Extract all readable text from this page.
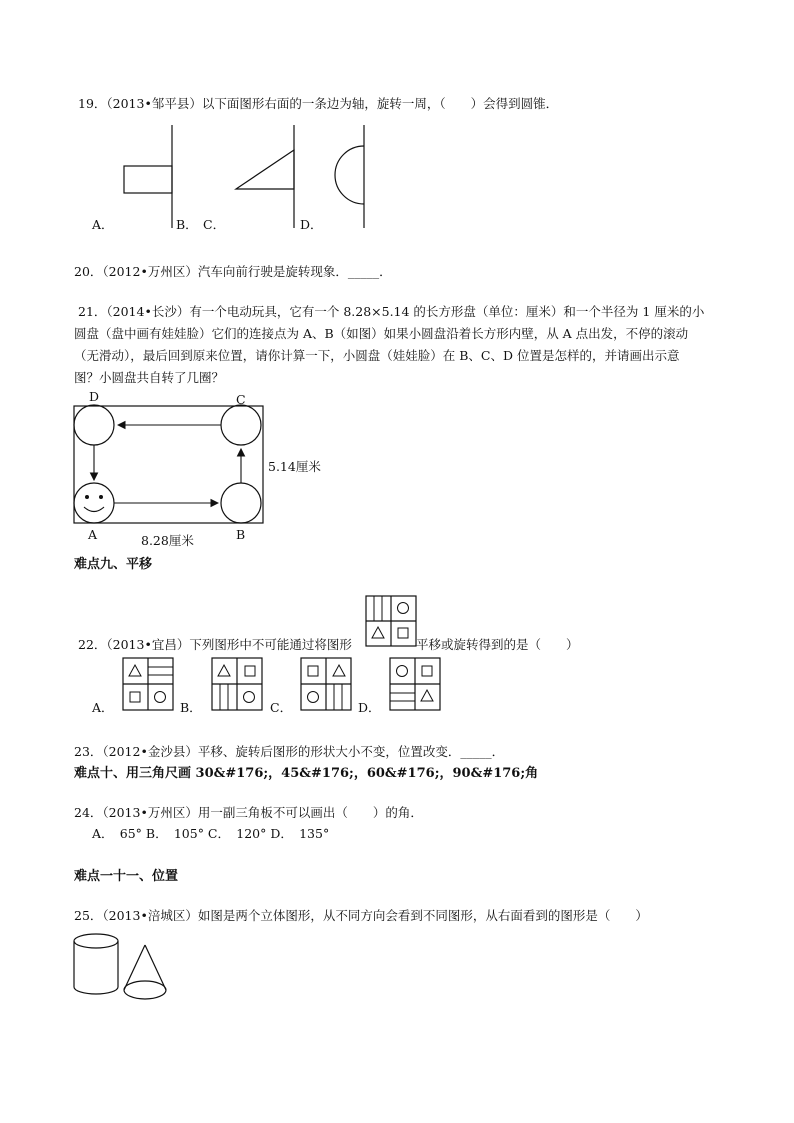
19．（2013•邹平县）以下面图形右面的一条边为轴，旋转一周，（　　）会得到圆锥．
A．	B． C．	D．
20．（2012•万州区）汽车向前行驶是旋转现象．_____．
21．（2014•长沙）有一个电动玩具，它有一个 8.28×5.14 的长方形盘（单位：厘米）和一个半径为 1 厘米的小
圆盘（盘中画有娃娃脸）它们的连接点为 A、B（如图）如果小圆盘沿着长方形内壁，从 A 点出发，不停的滚动
（无滑动），最后回到原来位置，请你计算一下，小圆盘（娃娃脸）在 B、C、D 位置是怎样的，并请画出示意
图？小圆盘共自转了几圈？
D	C
A	B
5.14厘米
8.28厘米
难点九、平移
22．（2013•宜昌）下列图形中不可能通过将图形	平移或旋转得到的是（　　）
A．	B．	C．	D．
23．（2012•金沙县）平移、旋转后图形的形状大小不变，位置改变．_____．
难点十、用三角尺画 30&#176;，45&#176;，60&#176;，90&#176;角
24．（2013•万州区）用一副三角板不可以画出（　　）的角．
A．　65° B．　105° C．　120° D．　135°
难点一十一、位置
25．（2013•涪城区）如图是两个立体图形，从不同方向会看到不同图形，从右面看到的图形是（　　）
